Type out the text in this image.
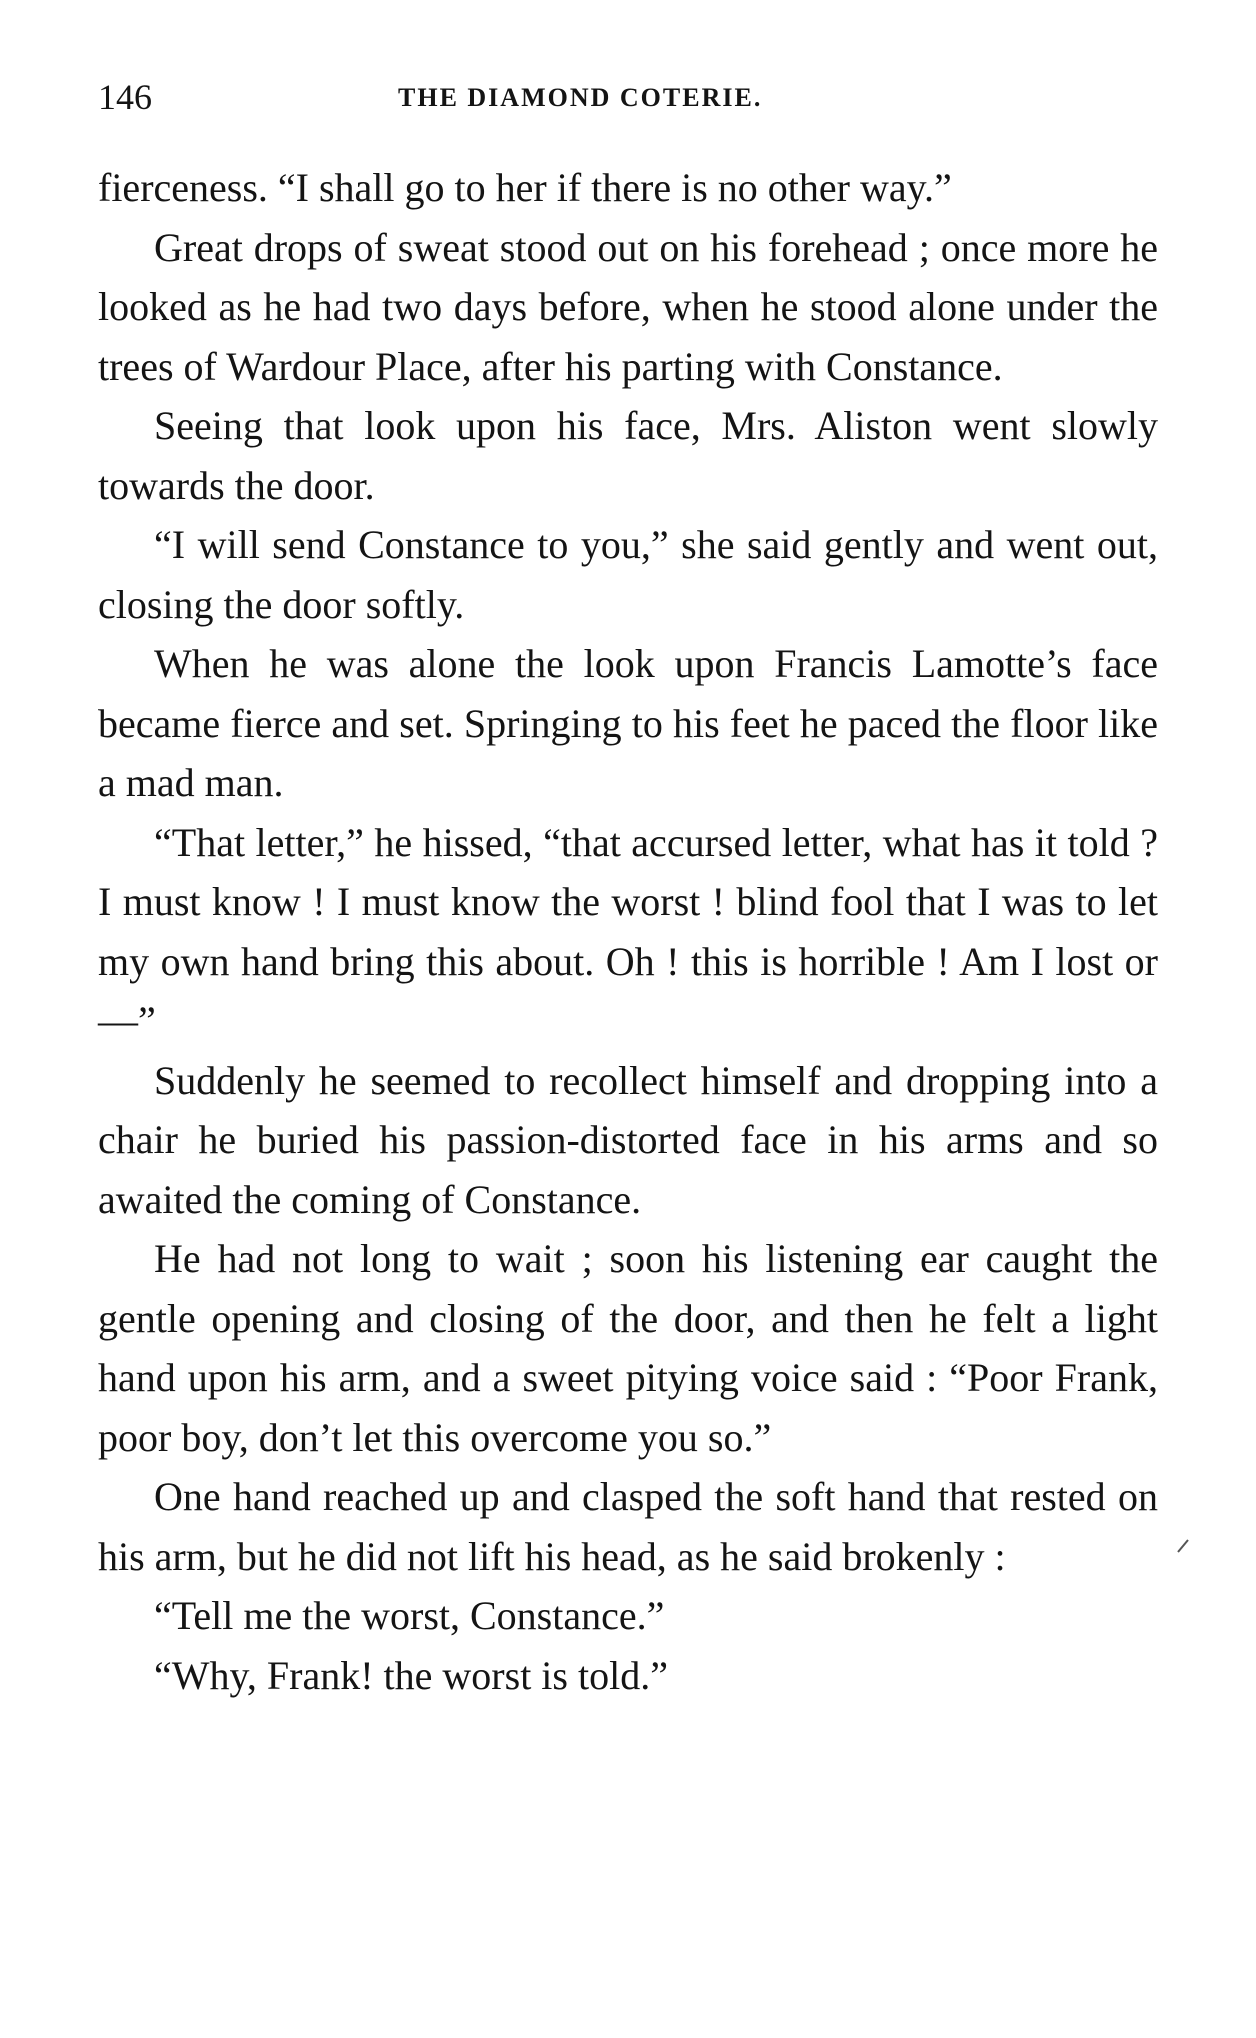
146	THE DIAMOND COTERIE.

fierceness. “I shall go to her if there is no other way.”

Great drops of sweat stood out on his forehead ; once more he looked as he had two days before, when he stood alone under the trees of Wardour Place, after his parting with Constance.

Seeing that look upon his face, Mrs. Aliston went slowly towards the door.

“I will send Constance to you,” she said gently and went out, closing the door softly.

When he was alone the look upon Francis Lamotte’s face became fierce and set. Springing to his feet he paced the floor like a mad man.

“That letter,” he hissed, “that accursed letter, what has it told ? I must know ! I must know the worst ! blind fool that I was to let my own hand bring this about. Oh ! this is horrible ! Am I lost or—”

Suddenly he seemed to recollect himself and dropping into a chair he buried his passion-distorted face in his arms and so awaited the coming of Constance.

He had not long to wait ; soon his listening ear caught the gentle opening and closing of the door, and then he felt a light hand upon his arm, and a sweet pitying voice said : “Poor Frank, poor boy, don’t let this overcome you so.”

One hand reached up and clasped the soft hand that rested on his arm, but he did not lift his head, as he said brokenly :

“Tell me the worst, Constance.”

“Why, Frank! the worst is told.”
